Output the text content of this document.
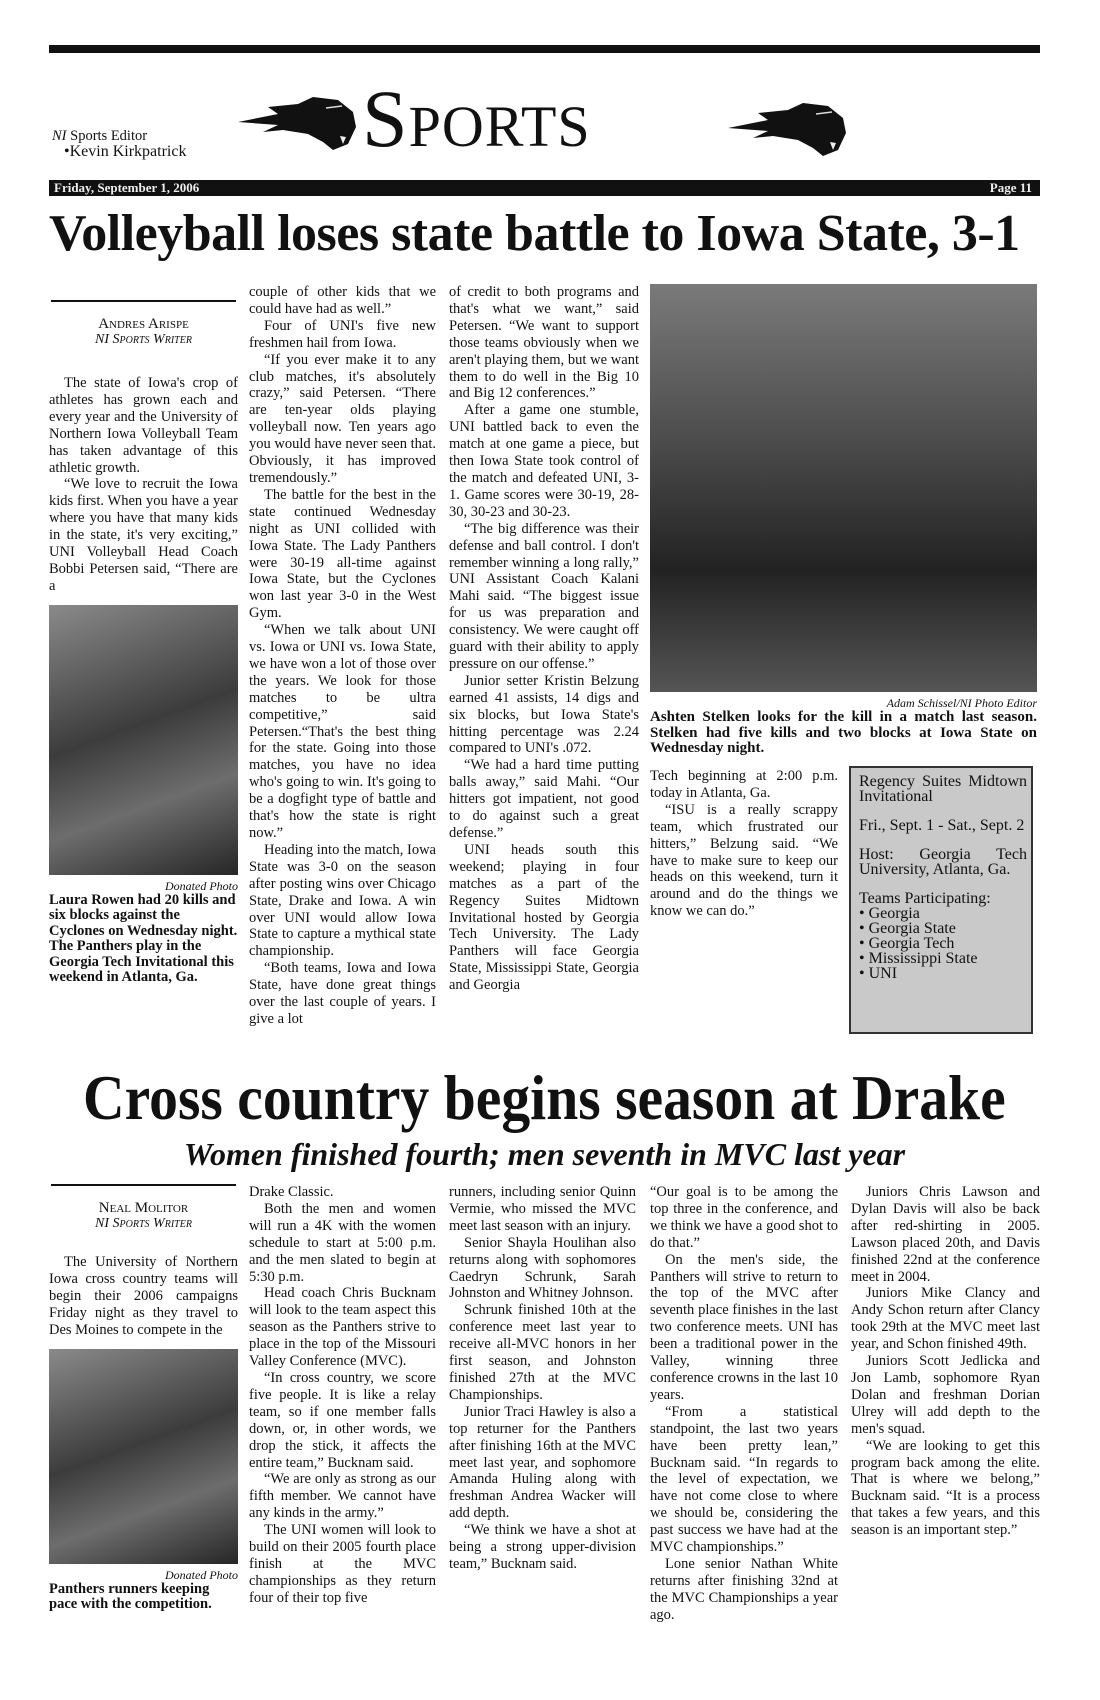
NI Sports Editor
•Kevin Kirkpatrick SPORTS
Friday, September 1, 2006	Page 11
Volleyball loses state battle to Iowa State, 3-1
Andres Arispe
NI Sports Writer

The state of Iowa's crop of athletes has grown each and every year and the University of Northern Iowa Volleyball Team has taken advantage of this athletic growth.

“We love to recruit the Iowa kids first. When you have a year where you have that many kids in the state, it's very exciting,” UNI Volleyball Head Coach Bobbi Petersen said, “There are a

Donated Photo
Laura Rowen had 20 kills and six blocks against the Cyclones on Wednesday night. The Panthers play in the Georgia Tech Invitational this weekend in Atlanta, Ga.

couple of other kids that we could have had as well.”

Four of UNI's five new freshmen hail from Iowa.

“If you ever make it to any club matches, it's absolutely crazy,” said Petersen. “There are ten-year olds playing volleyball now. Ten years ago you would have never seen that. Obviously, it has improved tremendously.”

The battle for the best in the state continued Wednesday night as UNI collided with Iowa State. The Lady Panthers were 30-19 all-time against Iowa State, but the Cyclones won last year 3-0 in the West Gym.

“When we talk about UNI vs. Iowa or UNI vs. Iowa State, we have won a lot of those over the years. We look for those matches to be ultra competitive,” said Petersen.“That's the best thing for the state. Going into those matches, you have no idea who's going to win. It's going to be a dogfight type of battle and that's how the state is right now.”

Heading into the match, Iowa State was 3-0 on the season after posting wins over Chicago State, Drake and Iowa. A win over UNI would allow Iowa State to capture a mythical state championship.

“Both teams, Iowa and Iowa State, have done great things over the last couple of years. I give a lot

of credit to both programs and that's what we want,” said Petersen. “We want to support those teams obviously when we aren't playing them, but we want them to do well in the Big 10 and Big 12 conferences.”

After a game one stumble, UNI battled back to even the match at one game a piece, but then Iowa State took control of the match and defeated UNI, 3-1. Game scores were 30-19, 28-30, 30-23 and 30-23.

“The big difference was their defense and ball control. I don't remember winning a long rally,” UNI Assistant Coach Kalani Mahi said. “The biggest issue for us was preparation and consistency. We were caught off guard with their ability to apply pressure on our offense.”

Junior setter Kristin Belzung earned 41 assists, 14 digs and six blocks, but Iowa State's hitting percentage was 2.24 compared to UNI's .072.

“We had a hard time putting balls away,” said Mahi. “Our hitters got impatient, not good to do against such a great defense.”

UNI heads south this weekend; playing in four matches as a part of the Regency Suites Midtown Invitational hosted by Georgia Tech University. The Lady Panthers will face Georgia State, Mississippi State, Georgia and Georgia

Adam Schissel/NI Photo Editor
Ashten Stelken looks for the kill in a match last season. Stelken had five kills and two blocks at Iowa State on Wednesday night.

Tech beginning at 2:00 p.m. today in Atlanta, Ga.

“ISU is a really scrappy team, which frustrated our hitters,” Belzung said. “We have to make sure to keep our heads on this weekend, turn it around and do the things we know we can do.”

Regency Suites Midtown Invitational
Fri., Sept. 1 - Sat., Sept. 2
Host: Georgia Tech University, Atlanta, Ga.
Teams Participating:
• Georgia
• Georgia State
• Georgia Tech
• Mississippi State
• UNI
Cross country begins season at Drake
Women finished fourth; men seventh in MVC last year
Neal Molitor
NI Sports Writer

The University of Northern Iowa cross country teams will begin their 2006 campaigns Friday night as they travel to Des Moines to compete in the

Donated Photo
Panthers runners keeping pace with the competition.

Drake Classic.

Both the men and women will run a 4K with the women schedule to start at 5:00 p.m. and the men slated to begin at 5:30 p.m.

Head coach Chris Bucknam will look to the team aspect this season as the Panthers strive to place in the top of the Missouri Valley Conference (MVC).

“In cross country, we score five people. It is like a relay team, so if one member falls down, or, in other words, we drop the stick, it affects the entire team,” Bucknam said.

“We are only as strong as our fifth member. We cannot have any kinds in the army.”

The UNI women will look to build on their 2005 fourth place finish at the MVC championships as they return four of their top five

runners, including senior Quinn Vermie, who missed the MVC meet last season with an injury.

Senior Shayla Houlihan also returns along with sophomores Caedryn Schrunk, Sarah Johnston and Whitney Johnson.

Schrunk finished 10th at the conference meet last year to receive all-MVC honors in her first season, and Johnston finished 27th at the MVC Championships.

Junior Traci Hawley is also a top returner for the Panthers after finishing 16th at the MVC meet last year, and sophomore Amanda Huling along with freshman Andrea Wacker will add depth.

“We think we have a shot at being a strong upper-division team,” Bucknam said.

“Our goal is to be among the top three in the conference, and we think we have a good shot to do that.”

On the men's side, the Panthers will strive to return to the top of the MVC after seventh place finishes in the last two conference meets. UNI has been a traditional power in the Valley, winning three conference crowns in the last 10 years.

“From a statistical standpoint, the last two years have been pretty lean,” Bucknam said. “In regards to the level of expectation, we have not come close to where we should be, considering the past success we have had at the MVC championships.”

Lone senior Nathan White returns after finishing 32nd at the MVC Championships a year ago.

Juniors Chris Lawson and Dylan Davis will also be back after red-shirting in 2005. Lawson placed 20th, and Davis finished 22nd at the conference meet in 2004.

Juniors Mike Clancy and Andy Schon return after Clancy took 29th at the MVC meet last year, and Schon finished 49th.

Juniors Scott Jedlicka and Jon Lamb, sophomore Ryan Dolan and freshman Dorian Ulrey will add depth to the men's squad.

“We are looking to get this program back among the elite. That is where we belong,” Bucknam said. “It is a process that takes a few years, and this season is an important step.”
